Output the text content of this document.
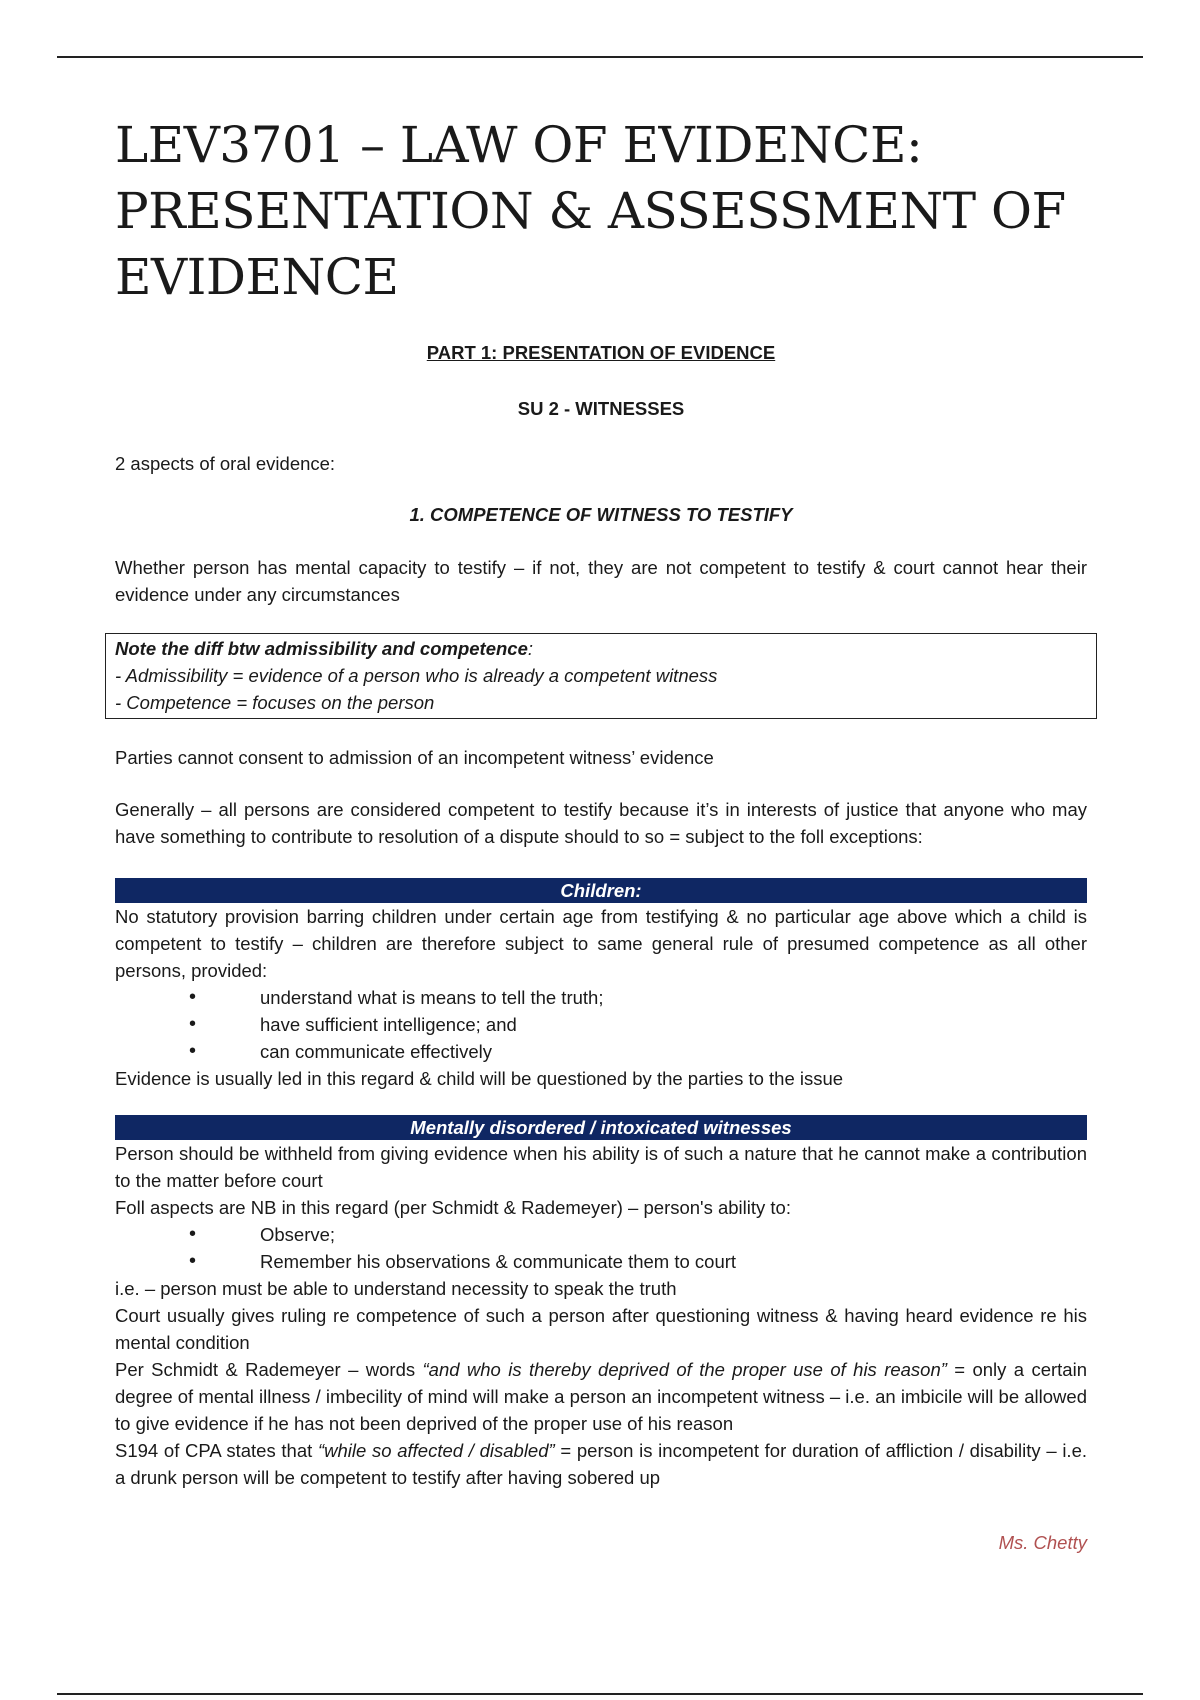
LEV3701 – LAW OF EVIDENCE: PRESENTATION & ASSESSMENT OF EVIDENCE
PART 1: PRESENTATION OF EVIDENCE
SU 2 - WITNESSES

2 aspects of oral evidence:

1. COMPETENCE OF WITNESS TO TESTIFY

Whether person has mental capacity to testify – if not, they are not competent to testify & court cannot hear their evidence under any circumstances

Note the diff btw admissibility and competence:
- Admissibility = evidence of a person who is already a competent witness
- Competence = focuses on the person

Parties cannot consent to admission of an incompetent witness’ evidence

Generally – all persons are considered competent to testify because it’s in interests of justice that anyone who may have something to contribute to resolution of a dispute should to so = subject to the foll exceptions:

Children:

No statutory provision barring children under certain age from testifying & no particular age above which a child is competent to testify – children are therefore subject to same general rule of presumed competence as all other persons, provided:

• understand what is means to tell the truth;
• have sufficient intelligence; and
• can communicate effectively

Evidence is usually led in this regard & child will be questioned by the parties to the issue

Mentally disordered / intoxicated witnesses

Person should be withheld from giving evidence when his ability is of such a nature that he cannot make a contribution to the matter before court

Foll aspects are NB in this regard (per Schmidt & Rademeyer) – person's ability to:

• Observe;
• Remember his observations & communicate them to court

i.e. – person must be able to understand necessity to speak the truth

Court usually gives ruling re competence of such a person after questioning witness & having heard evidence re his mental condition

Per Schmidt & Rademeyer – words “and who is thereby deprived of the proper use of his reason” = only a certain degree of mental illness / imbecility of mind will make a person an incompetent witness – i.e. an imbicile will be allowed to give evidence if he has not been deprived of the proper use of his reason

S194 of CPA states that “while so affected / disabled” = person is incompetent for duration of affliction / disability – i.e. a drunk person will be competent to testify after having sobered up

Ms. Chetty
